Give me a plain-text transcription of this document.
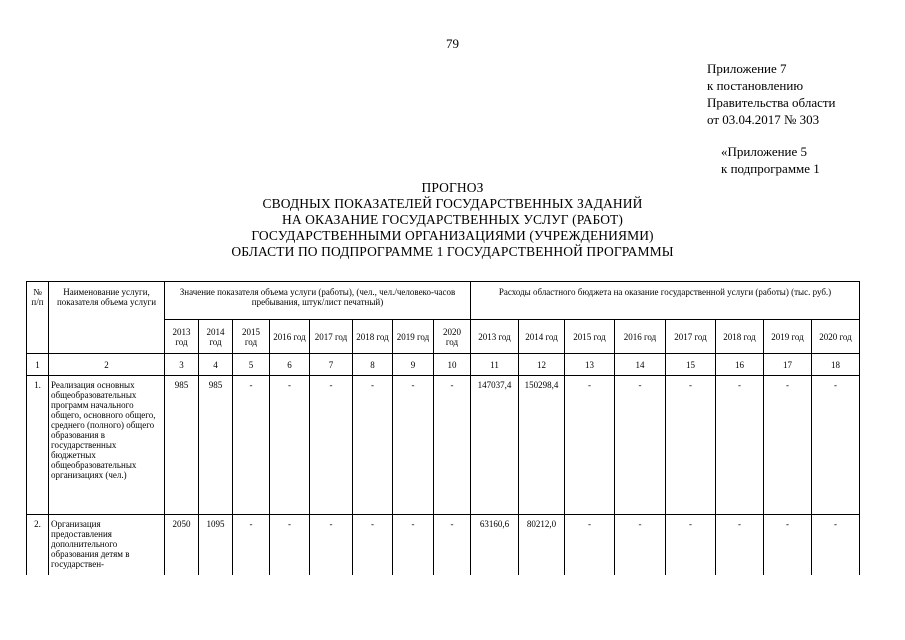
79
Приложение 7
к постановлению
Правительства области
от 03.04.2017 № 303
«Приложение 5
к подпрограмме 1
ПРОГНОЗ
СВОДНЫХ ПОКАЗАТЕЛЕЙ ГОСУДАРСТВЕННЫХ ЗАДАНИЙ
НА ОКАЗАНИЕ ГОСУДАРСТВЕННЫХ УСЛУГ (РАБОТ)
ГОСУДАРСТВЕННЫМИ ОРГАНИЗАЦИЯМИ (УЧРЕЖДЕНИЯМИ)
ОБЛАСТИ ПО ПОДПРОГРАММЕ 1 ГОСУДАРСТВЕННОЙ ПРОГРАММЫ
№ п/п	Наименование услуги, показателя объема услуги	Значение показателя объема услуги (работы), (чел., чел./человеко-часов пребывания, штук/лист печатный)								Расходы областного бюджета на оказание государственной услуги (работы) (тыс. руб.)							
		2013 год	2014 год	2015 год	2016 год	2017 год	2018 год	2019 год	2020 год	2013 год	2014 год	2015 год	2016 год	2017 год	2018 год	2019 год	2020 год
1	2	3	4	5	6	7	8	9	10	11	12	13	14	15	16	17	18
1.	Реализация основных общеобразовательных программ начального общего, основного общего, среднего (полного) общего образования в государственных бюджетных общеобразовательных организациях (чел.)	985	985	-	-	-	-	-	-	147037,4	150298,4	-	-	-	-	-	-
2.	Организация предоставления дополнительного образования детям в государствен-	2050	1095	-	-	-	-	-	-	63160,6	80212,0	-	-	-	-	-	-
